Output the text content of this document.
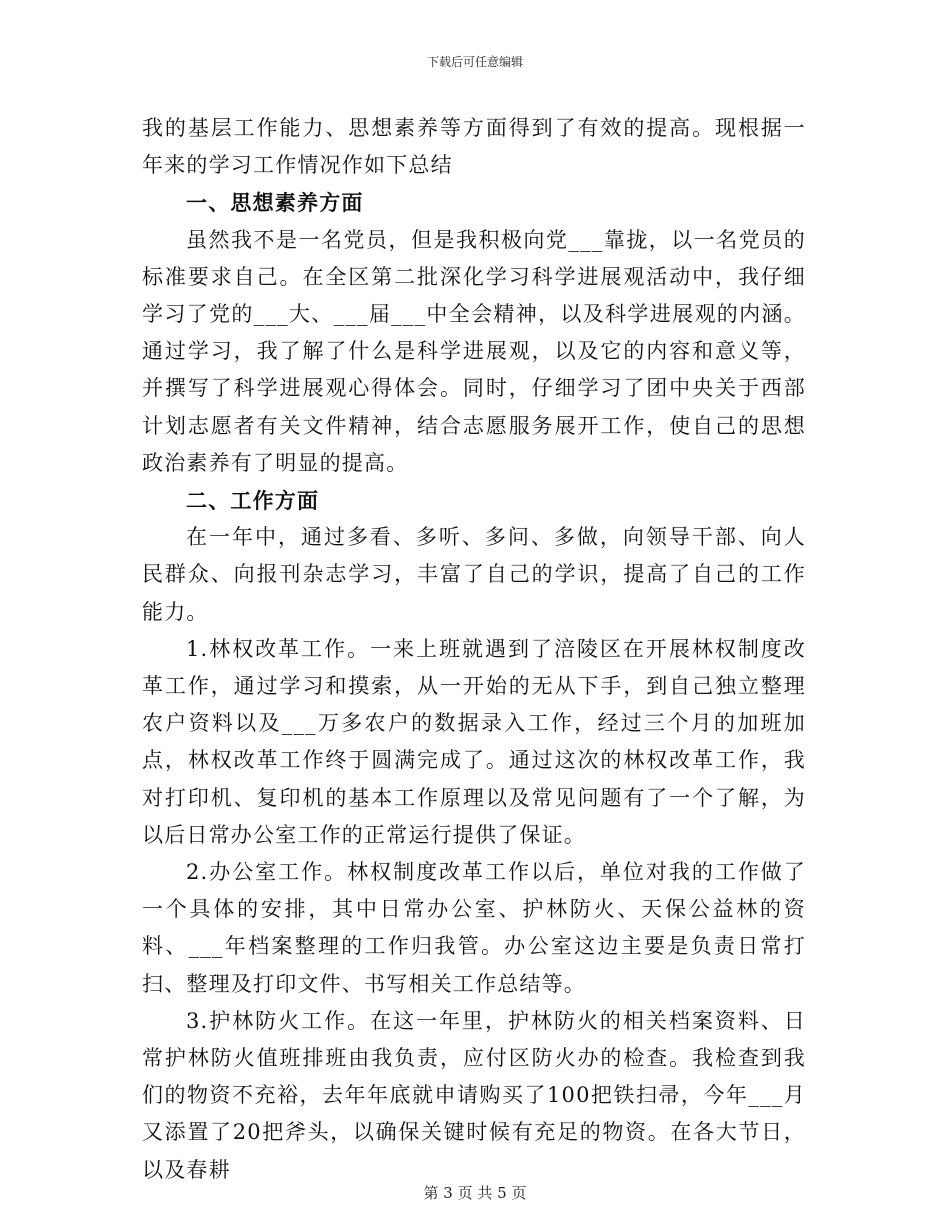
下载后可任意编辑

我的基层工作能力、思想素养等方面得到了有效的提高。现根据一年来的学习工作情况作如下总结

一、思想素养方面

虽然我不是一名党员，但是我积极向党___靠拢，以一名党员的标准要求自己。在全区第二批深化学习科学进展观活动中，我仔细学习了党的___大、___届___中全会精神，以及科学进展观的内涵。通过学习，我了解了什么是科学进展观，以及它的内容和意义等，并撰写了科学进展观心得体会。同时，仔细学习了团中央关于西部计划志愿者有关文件精神，结合志愿服务展开工作，使自己的思想政治素养有了明显的提高。

二、工作方面

在一年中，通过多看、多听、多问、多做，向领导干部、向人民群众、向报刊杂志学习，丰富了自己的学识，提高了自己的工作能力。

1.林权改革工作。一来上班就遇到了涪陵区在开展林权制度改革工作，通过学习和摸索，从一开始的无从下手，到自己独立整理农户资料以及___万多农户的数据录入工作，经过三个月的加班加点，林权改革工作终于圆满完成了。通过这次的林权改革工作，我对打印机、复印机的基本工作原理以及常见问题有了一个了解，为以后日常办公室工作的正常运行提供了保证。

2.办公室工作。林权制度改革工作以后，单位对我的工作做了一个具体的安排，其中日常办公室、护林防火、天保公益林的资料、___年档案整理的工作归我管。办公室这边主要是负责日常打扫、整理及打印文件、书写相关工作总结等。

3.护林防火工作。在这一年里，护林防火的相关档案资料、日常护林防火值班排班由我负责，应付区防火办的检查。我检查到我们的物资不充裕，去年年底就申请购买了100把铁扫帚，今年___月又添置了20把斧头，以确保关键时候有充足的物资。在各大节日，以及春耕

第 3 页 共 5 页
